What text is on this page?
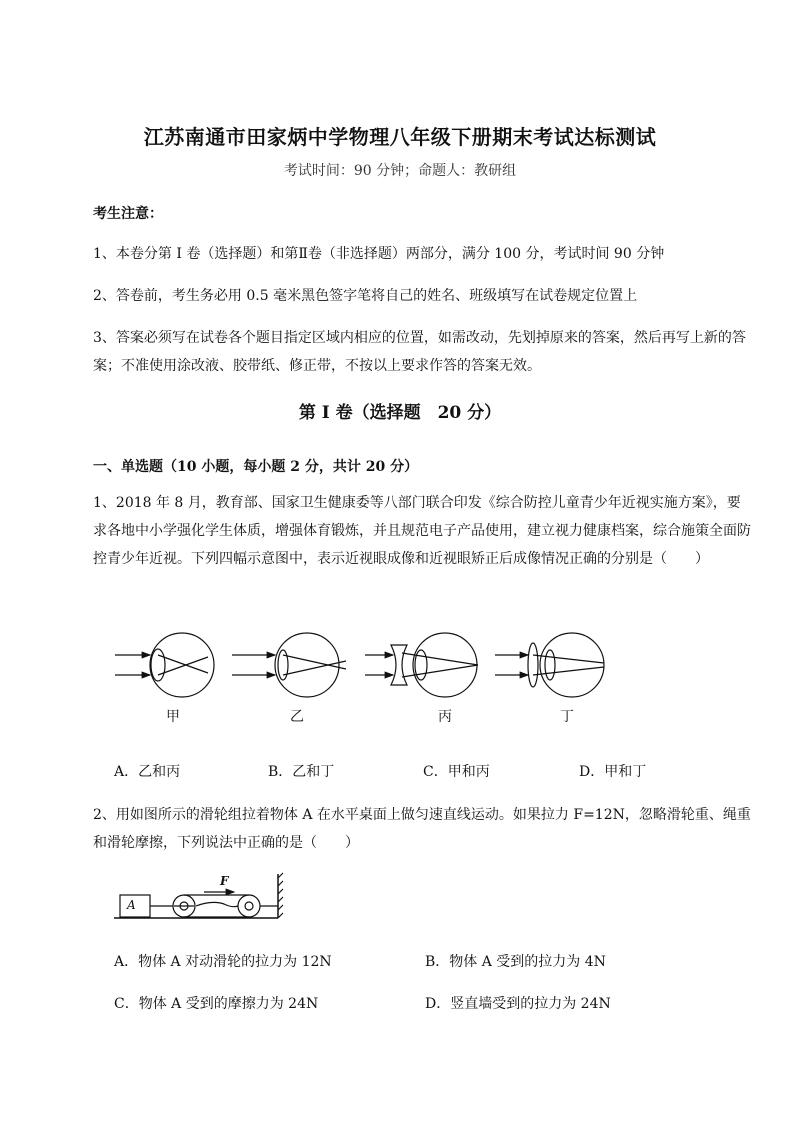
江苏南通市田家炳中学物理八年级下册期末考试达标测试
考试时间：90 分钟；命题人：教研组
考生注意：
1、本卷分第 I 卷（选择题）和第Ⅱ卷（非选择题）两部分，满分 100 分，考试时间 90 分钟
2、答卷前，考生务必用 0.5 毫米黑色签字笔将自己的姓名、班级填写在试卷规定位置上
3、答案必须写在试卷各个题目指定区域内相应的位置，如需改动，先划掉原来的答案，然后再写上新的答案；不准使用涂改液、胶带纸、修正带，不按以上要求作答的答案无效。
第 I 卷（选择题　20 分）
一、单选题（10 小题，每小题 2 分，共计 20 分）
1、2018 年 8 月，教育部、国家卫生健康委等八部门联合印发《综合防控儿童青少年近视实施方案》，要求各地中小学强化学生体质，增强体育锻炼，并且规范电子产品使用，建立视力健康档案，综合施策全面防控青少年近视。下列四幅示意图中，表示近视眼成像和近视眼矫正后成像情况正确的分别是（　　）
甲	乙	丙	丁
A．乙和丙	B．乙和丁	C．甲和丙	D．甲和丁
2、用如图所示的滑轮组拉着物体 A 在水平桌面上做匀速直线运动。如果拉力 F=12N，忽略滑轮重、绳重和滑轮摩擦，下列说法中正确的是（　　）
A
F
A．物体 A 对动滑轮的拉力为 12N	B．物体 A 受到的拉力为 4N
C．物体 A 受到的摩擦力为 24N	D．竖直墙受到的拉力为 24N
